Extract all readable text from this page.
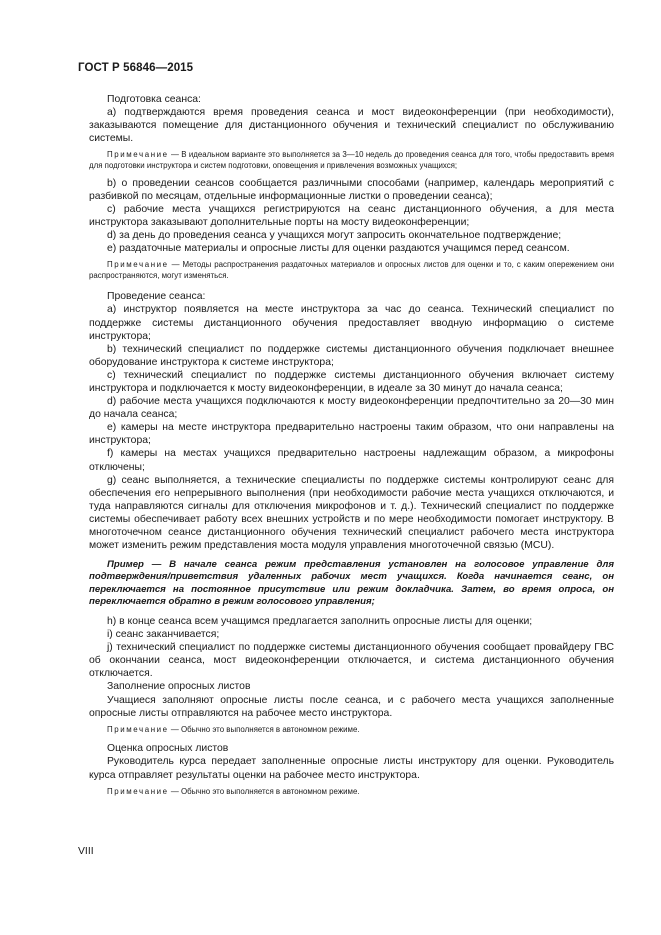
ГОСТ Р 56846—2015

Подготовка сеанса:

а) подтверждаются время проведения сеанса и мост видеоконференции (при необходимости), заказываются помещение для дистанционного обучения и технический специалист по обслуживанию системы.

Примечание — В идеальном варианте это выполняется за 3—10 недель до проведения сеанса для того, чтобы предоставить время для подготовки инструктора и систем подготовки, оповещения и привлечения возможных учащихся;

b) о проведении сеансов сообщается различными способами (например, календарь мероприятий с разбивкой по месяцам, отдельные информационные листки о проведении сеанса);

с) рабочие места учащихся регистрируются на сеанс дистанционного обучения, а для места инструктора заказывают дополнительные порты на мосту видеоконференции;

d) за день до проведения сеанса у учащихся могут запросить окончательное подтверждение;

е) раздаточные материалы и опросные листы для оценки раздаются учащимся перед сеансом.

Примечание — Методы распространения раздаточных материалов и опросных листов для оценки и то, с каким опережением они распространяются, могут изменяться.

Проведение сеанса:

а) инструктор появляется на месте инструктора за час до сеанса. Технический специалист по поддержке системы дистанционного обучения предоставляет вводную информацию о системе инструктора;

b) технический специалист по поддержке системы дистанционного обучения подключает внешнее оборудование инструктора к системе инструктора;

с) технический специалист по поддержке системы дистанционного обучения включает систему инструктора и подключается к мосту видеоконференции, в идеале за 30 минут до начала сеанса;

d) рабочие места учащихся подключаются к мосту видеоконференции предпочтительно за 20—30 мин до начала сеанса;

е) камеры на месте инструктора предварительно настроены таким образом, что они направлены на инструктора;

f) камеры на местах учащихся предварительно настроены надлежащим образом, а микрофоны отключены;

g) сеанс выполняется, а технические специалисты по поддержке системы контролируют сеанс для обеспечения его непрерывного выполнения (при необходимости рабочие места учащихся отключаются, и туда направляются сигналы для отключения микрофонов и т. д.). Технический специалист по поддержке системы обеспечивает работу всех внешних устройств и по мере необходимости помогает инструктору. В многоточечном сеансе дистанционного обучения технический специалист рабочего места инструктора может изменить режим представления моста модуля управления многоточечной связью (MCU).

Пример — В начале сеанса режим представления установлен на голосовое управление для подтверждения/приветствия удаленных рабочих мест учащихся. Когда начинается сеанс, он переключается на постоянное присутствие или режим докладчика. Затем, во время опроса, он переключается обратно в режим голосового управления;

h) в конце сеанса всем учащимся предлагается заполнить опросные листы для оценки;

i) сеанс заканчивается;

j) технический специалист по поддержке системы дистанционного обучения сообщает провайдеру ГВС об окончании сеанса, мост видеоконференции отключается, и система дистанционного обучения отключается.

Заполнение опросных листов

Учащиеся заполняют опросные листы после сеанса, и с рабочего места учащихся заполненные опросные листы отправляются на рабочее место инструктора.

Примечание — Обычно это выполняется в автономном режиме.

Оценка опросных листов

Руководитель курса передает заполненные опросные листы инструктору для оценки. Руководитель курса отправляет результаты оценки на рабочее место инструктора.

Примечание — Обычно это выполняется в автономном режиме.

VIII
